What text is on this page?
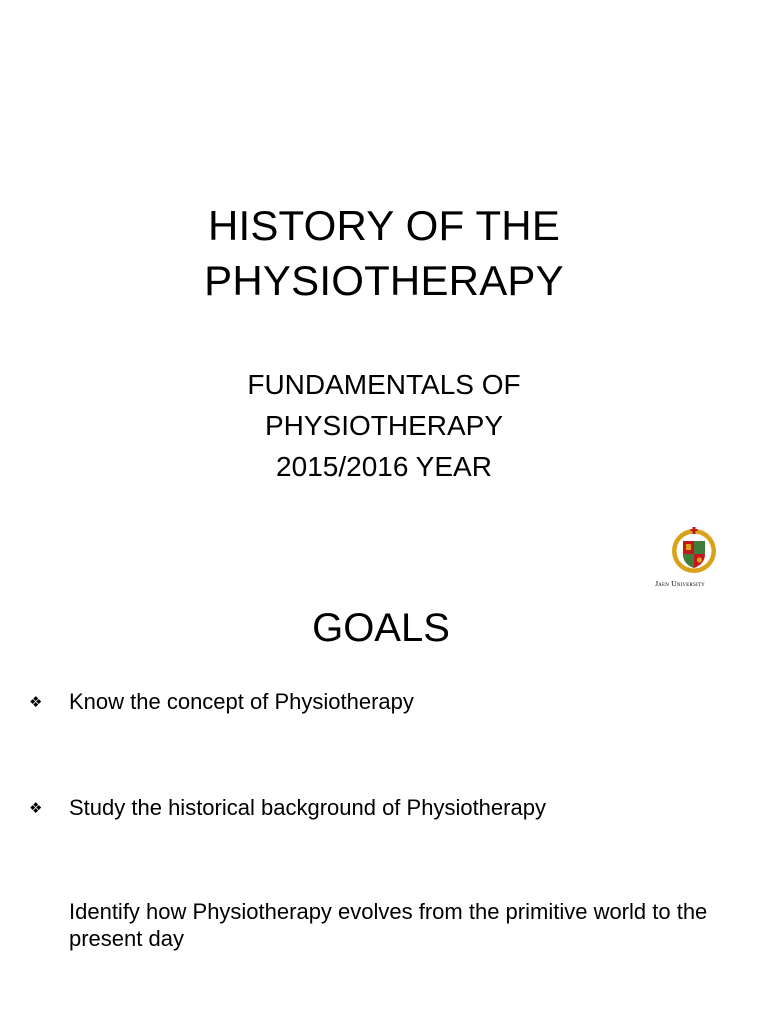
HISTORY OF THE
PHYSIOTHERAPY
FUNDAMENTALS OF
PHYSIOTHERAPY
2015/2016 YEAR
Jaen University
GOALS
❖ Know the concept of Physiotherapy
❖ Study the historical background of Physiotherapy
Identify how Physiotherapy evolves from the primitive world to the present day
